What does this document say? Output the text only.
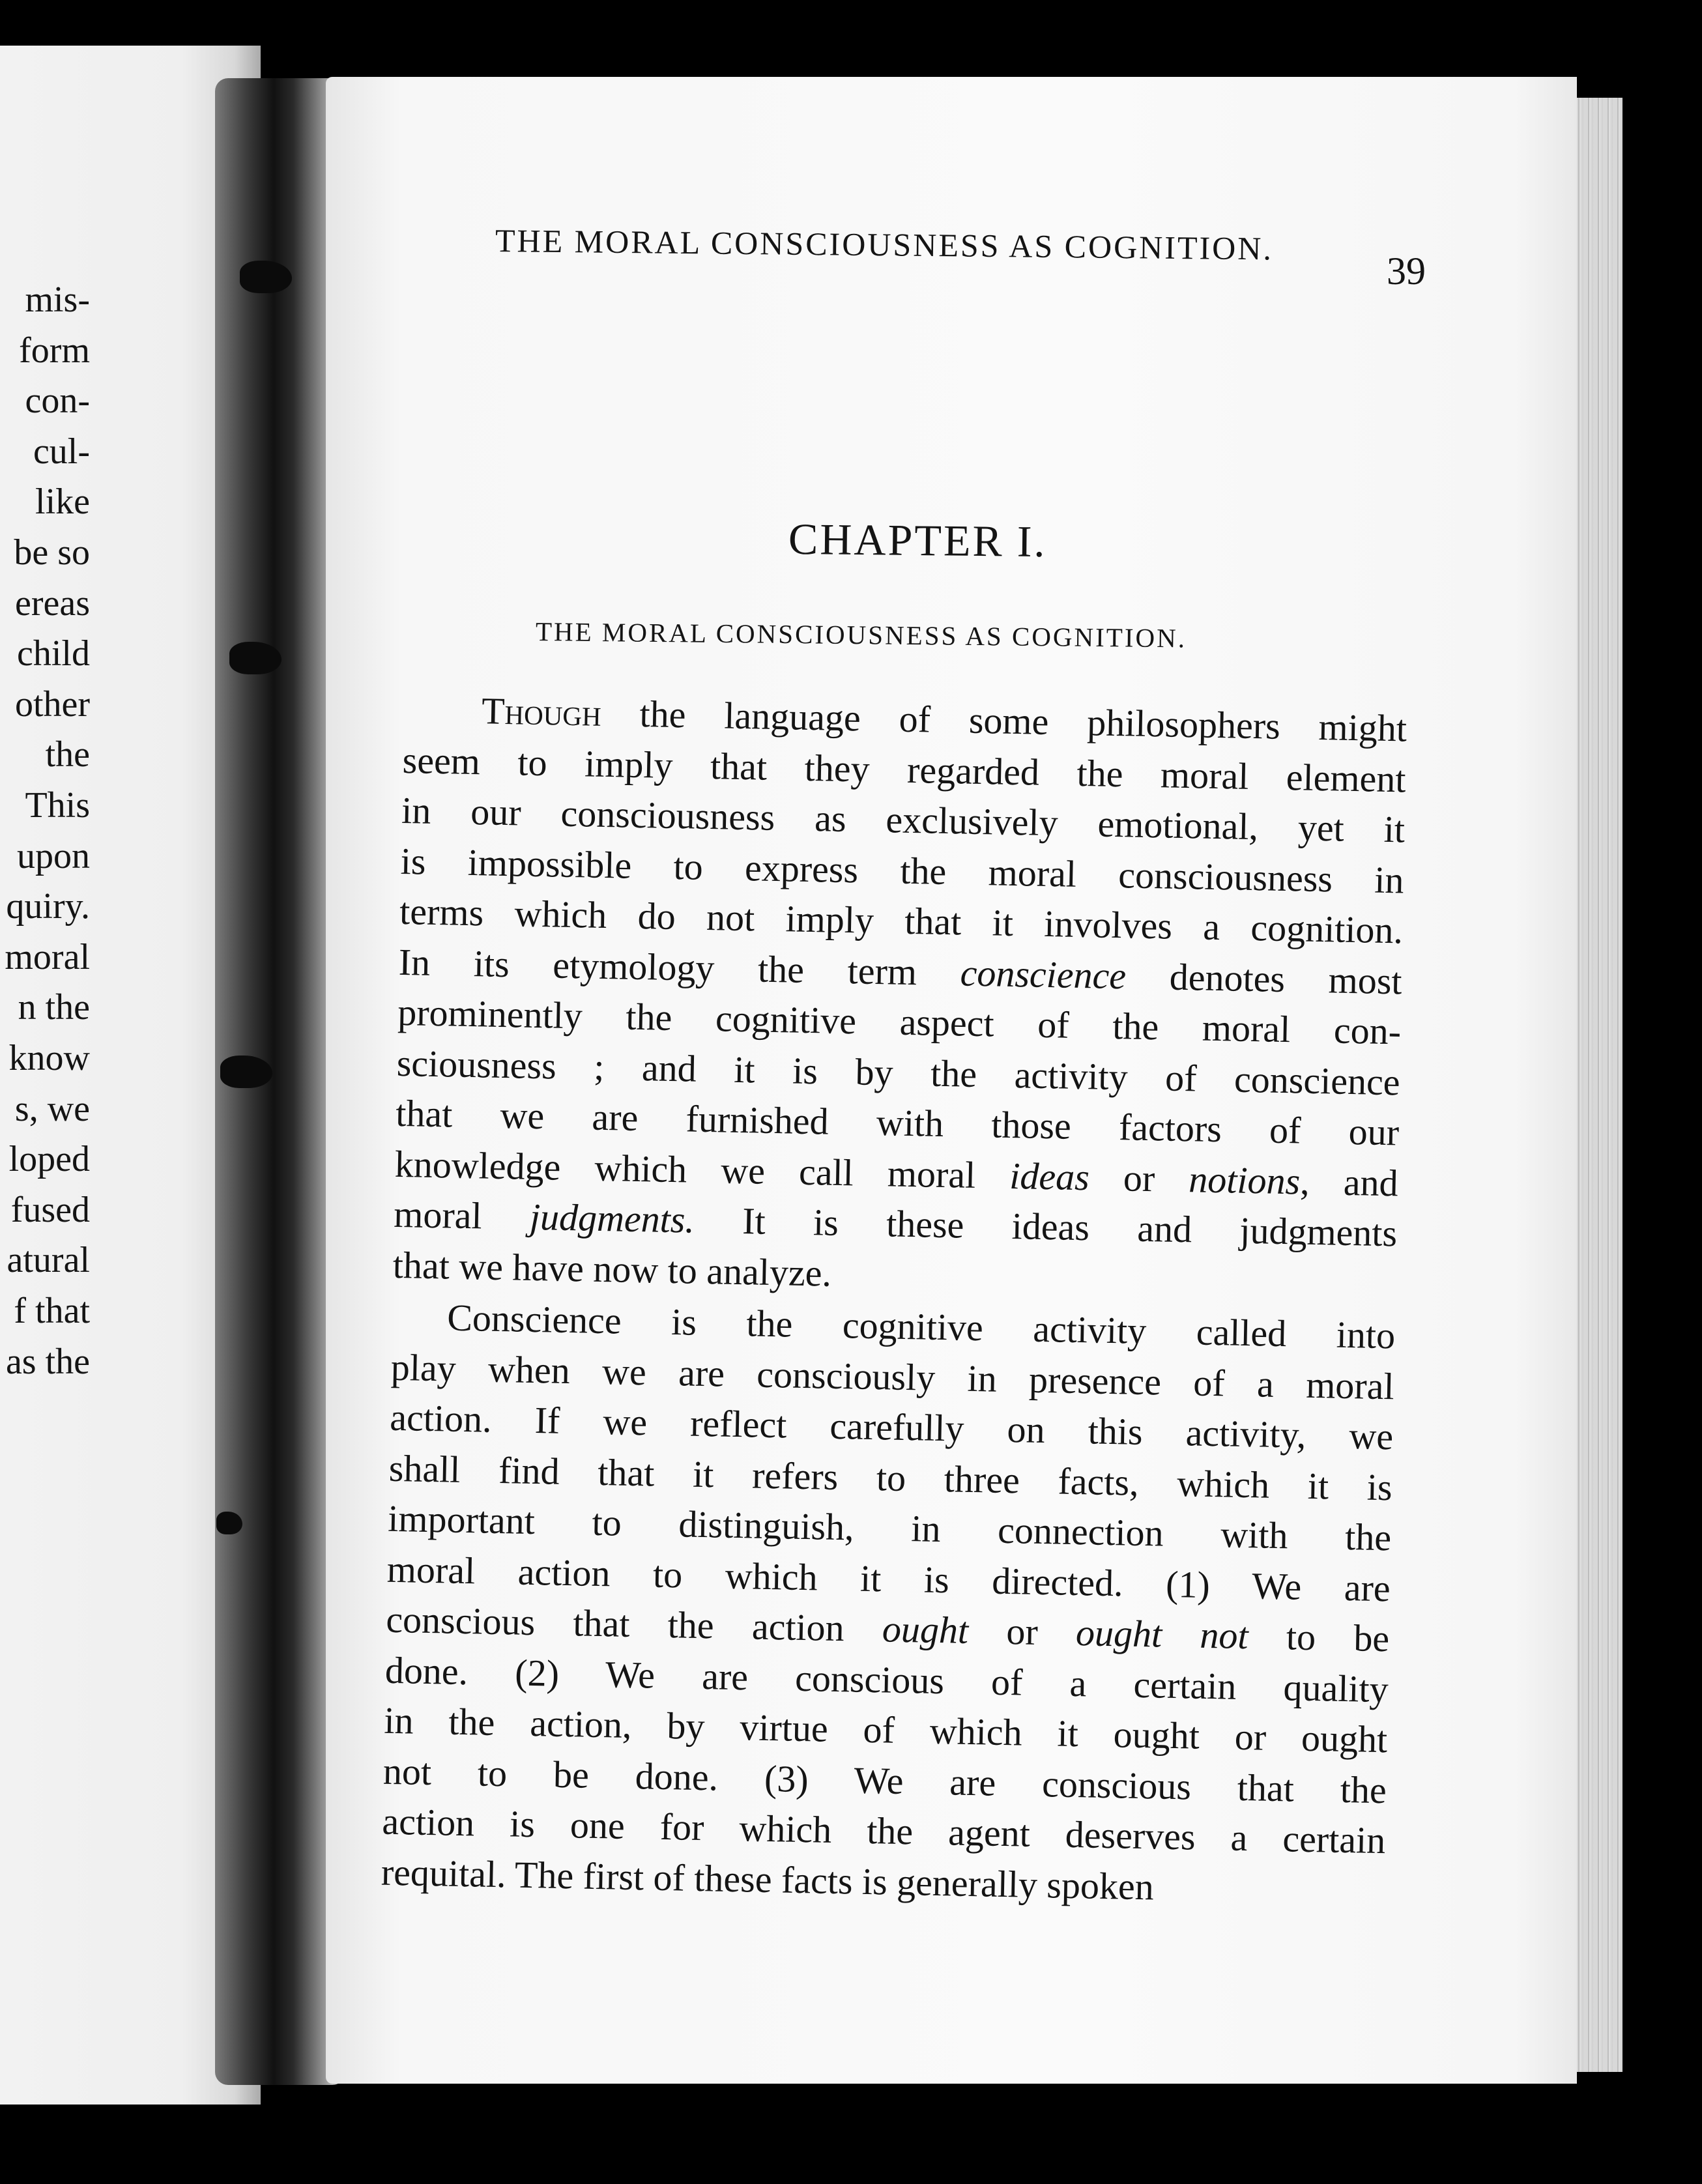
mis-
form
con-
cul-
like
be so
ereas
child
other
the
This
upon
quiry.
moral
n the
know
s, we
loped
fused
atural
f that
as the
THE MORAL CONSCIOUSNESS AS COGNITION.
39
CHAPTER I.
THE MORAL CONSCIOUSNESS AS COGNITION.
Though the language of some philosophers might
seem to imply that they regarded the moral element
in our consciousness as exclusively emotional, yet it
is impossible to express the moral consciousness in
terms which do not imply that it involves a cognition.
In its etymology the term conscience denotes most
prominently the cognitive aspect of the moral con-
sciousness ; and it is by the activity of conscience
that we are furnished with those factors of our
knowledge which we call moral ideas or notions, and
moral judgments. It is these ideas and judgments
that we have now to analyze.
Conscience is the cognitive activity called into
play when we are consciously in presence of a moral
action. If we reflect carefully on this activity, we
shall find that it refers to three facts, which it is
important to distinguish, in connection with the
moral action to which it is directed. (1) We are
conscious that the action ought or ought not to be
done. (2) We are conscious of a certain quality
in the action, by virtue of which it ought or ought
not to be done. (3) We are conscious that the
action is one for which the agent deserves a certain
requital. The first of these facts is generally spoken
